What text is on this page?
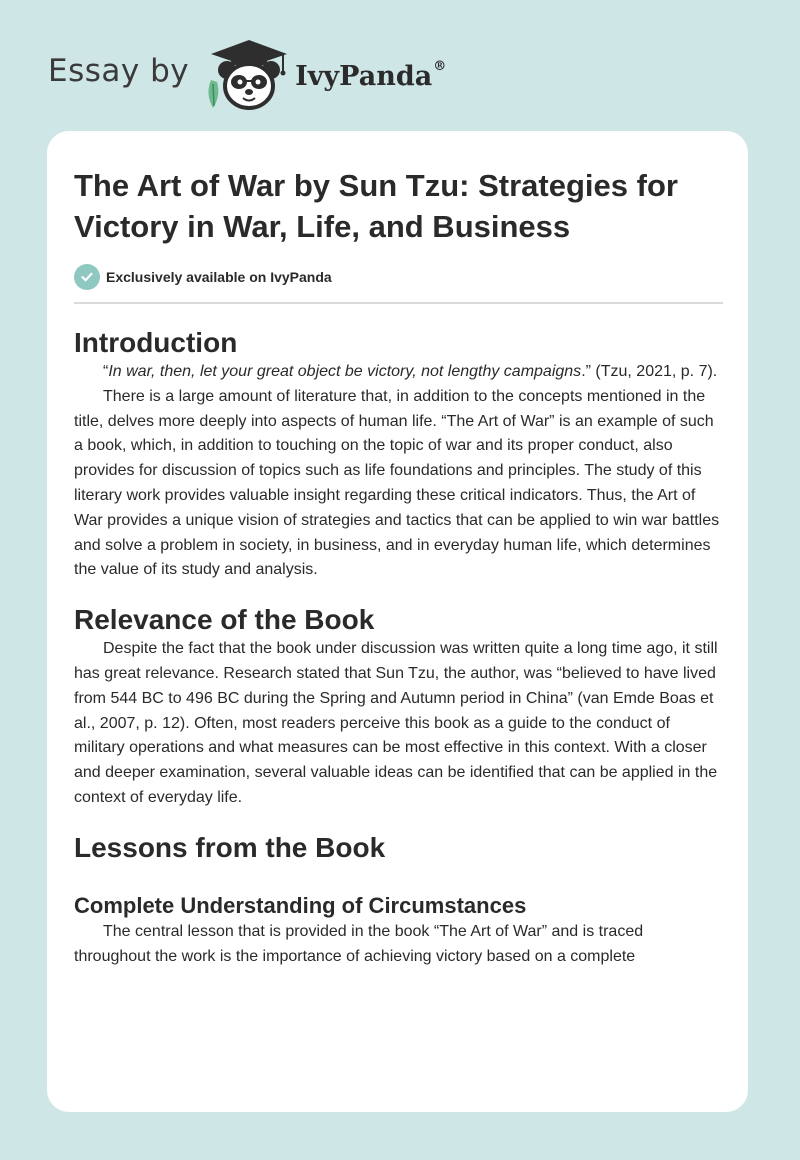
Essay by	IvyPanda®
The Art of War by Sun Tzu: Strategies for Victory in War, Life, and Business
Exclusively available on IvyPanda
Introduction

“In war, then, let your great object be victory, not lengthy campaigns.” (Tzu, 2021, p. 7).

There is a large amount of literature that, in addition to the concepts mentioned in the title, delves more deeply into aspects of human life. “The Art of War” is an example of such a book, which, in addition to touching on the topic of war and its proper conduct, also provides for discussion of topics such as life foundations and principles. The study of this literary work provides valuable insight regarding these critical indicators. Thus, the Art of War provides a unique vision of strategies and tactics that can be applied to win war battles and solve a problem in society, in business, and in everyday human life, which determines the value of its study and analysis.

Relevance of the Book

Despite the fact that the book under discussion was written quite a long time ago, it still has great relevance. Research stated that Sun Tzu, the author, was “believed to have lived from 544 BC to 496 BC during the Spring and Autumn period in China” (van Emde Boas et al., 2007, p. 12). Often, most readers perceive this book as a guide to the conduct of military operations and what measures can be most effective in this context. With a closer and deeper examination, several valuable ideas can be identified that can be applied in the context of everyday life.

Lessons from the Book
Complete Understanding of Circumstances

The central lesson that is provided in the book “The Art of War” and is traced throughout the work is the importance of achieving victory based on a complete
